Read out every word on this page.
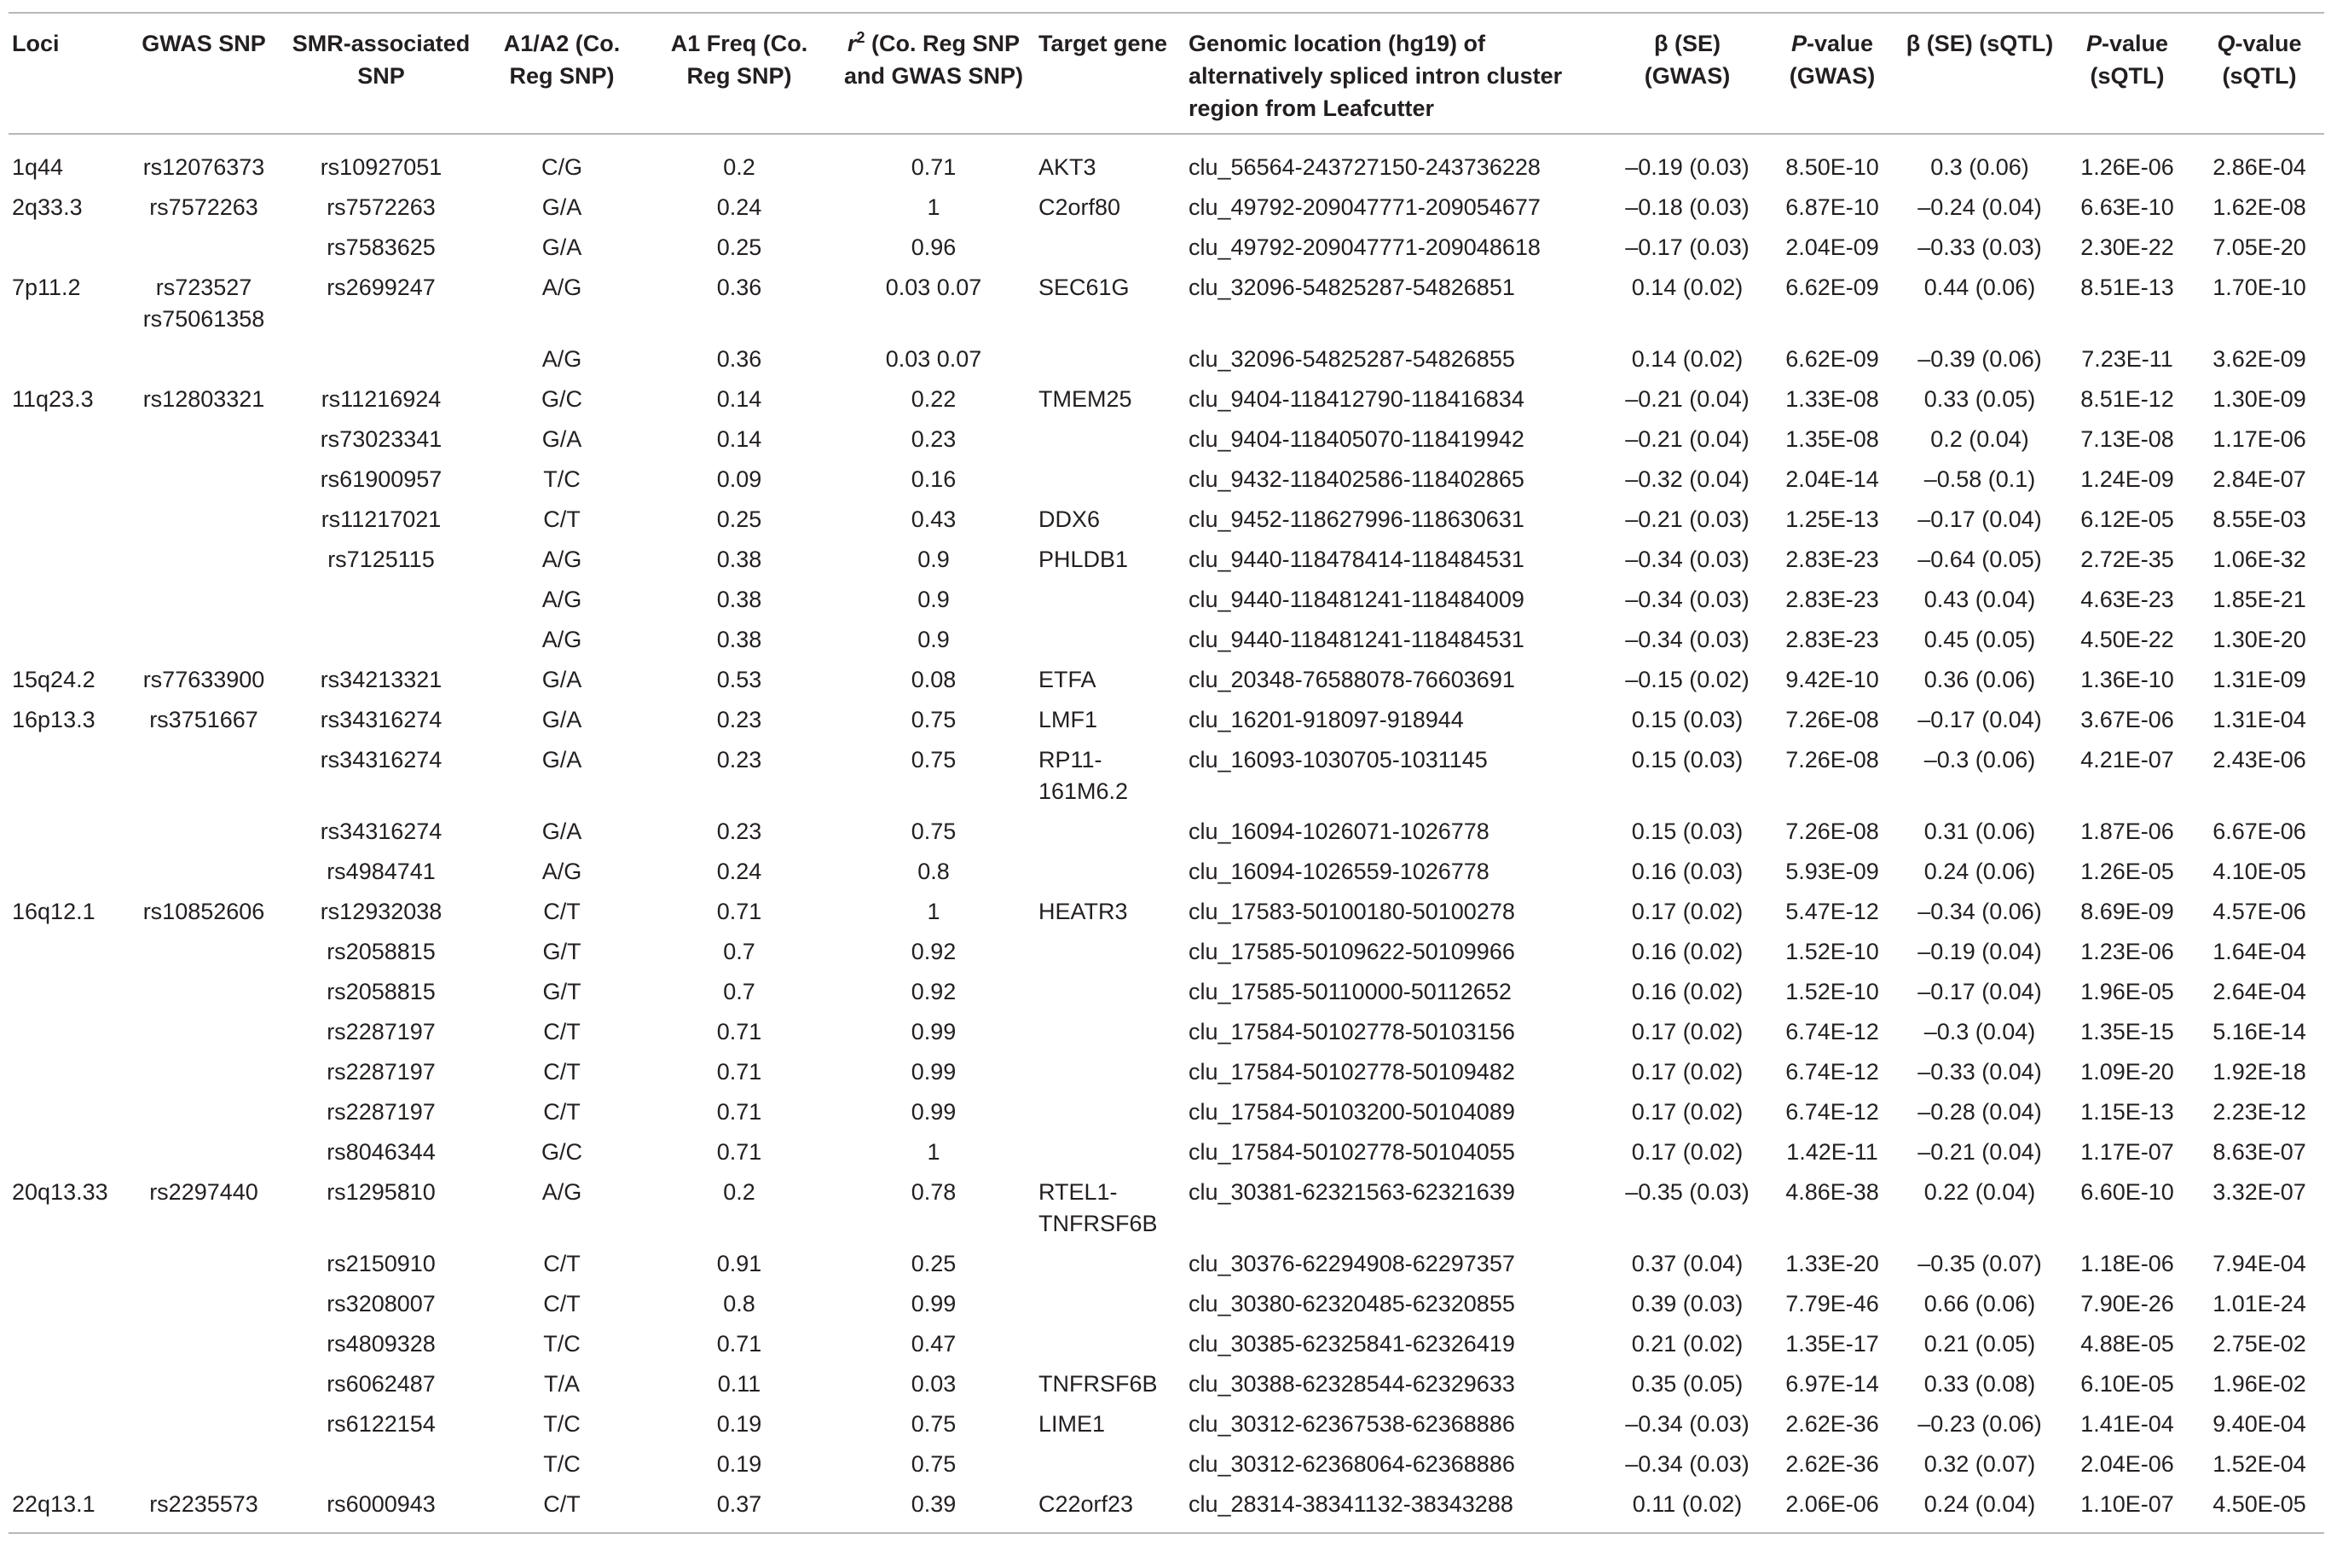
Loci	GWAS SNP	SMR-associated SNP	A1/A2 (Co. Reg SNP)	A1 Freq (Co. Reg SNP)	$r^2$ (Co. Reg SNP and GWAS SNP)	Target gene	Genomic location (hg19) of alternatively spliced intron cluster region from Leafcutter	β (SE) (GWAS)	P-value (GWAS)	β (SE) (sQTL)	P-value (sQTL)	Q-value (sQTL)
1q44	rs12076373	rs10927051	C/G	0.2	0.71	AKT3	clu_56564-243727150-243736228	–0.19 (0.03)	8.50E-10	0.3 (0.06)	1.26E-06	2.86E-04
2q33.3	rs7572263	rs7572263	G/A	0.24	1	C2orf80	clu_49792-209047771-209054677	–0.18 (0.03)	6.87E-10	–0.24 (0.04)	6.63E-10	1.62E-08
		rs7583625	G/A	0.25	0.96		clu_49792-209047771-209048618	–0.17 (0.03)	2.04E-09	–0.33 (0.03)	2.30E-22	7.05E-20
7p11.2	rs723527 rs75061358	rs2699247	A/G	0.36	0.03 0.07	SEC61G	clu_32096-54825287-54826851	0.14 (0.02)	6.62E-09	0.44 (0.06)	8.51E-13	1.70E-10
			A/G	0.36	0.03 0.07		clu_32096-54825287-54826855	0.14 (0.02)	6.62E-09	–0.39 (0.06)	7.23E-11	3.62E-09
11q23.3	rs12803321	rs11216924	G/C	0.14	0.22	TMEM25	clu_9404-118412790-118416834	–0.21 (0.04)	1.33E-08	0.33 (0.05)	8.51E-12	1.30E-09
		rs73023341	G/A	0.14	0.23		clu_9404-118405070-118419942	–0.21 (0.04)	1.35E-08	0.2 (0.04)	7.13E-08	1.17E-06
		rs61900957	T/C	0.09	0.16		clu_9432-118402586-118402865	–0.32 (0.04)	2.04E-14	–0.58 (0.1)	1.24E-09	2.84E-07
		rs11217021	C/T	0.25	0.43	DDX6	clu_9452-118627996-118630631	–0.21 (0.03)	1.25E-13	–0.17 (0.04)	6.12E-05	8.55E-03
		rs7125115	A/G	0.38	0.9	PHLDB1	clu_9440-118478414-118484531	–0.34 (0.03)	2.83E-23	–0.64 (0.05)	2.72E-35	1.06E-32
			A/G	0.38	0.9		clu_9440-118481241-118484009	–0.34 (0.03)	2.83E-23	0.43 (0.04)	4.63E-23	1.85E-21
			A/G	0.38	0.9		clu_9440-118481241-118484531	–0.34 (0.03)	2.83E-23	0.45 (0.05)	4.50E-22	1.30E-20
15q24.2	rs77633900	rs34213321	G/A	0.53	0.08	ETFA	clu_20348-76588078-76603691	–0.15 (0.02)	9.42E-10	0.36 (0.06)	1.36E-10	1.31E-09
16p13.3	rs3751667	rs34316274	G/A	0.23	0.75	LMF1	clu_16201-918097-918944	0.15 (0.03)	7.26E-08	–0.17 (0.04)	3.67E-06	1.31E-04
		rs34316274	G/A	0.23	0.75	RP11-161M6.2	clu_16093-1030705-1031145	0.15 (0.03)	7.26E-08	–0.3 (0.06)	4.21E-07	2.43E-06
		rs34316274	G/A	0.23	0.75		clu_16094-1026071-1026778	0.15 (0.03)	7.26E-08	0.31 (0.06)	1.87E-06	6.67E-06
		rs4984741	A/G	0.24	0.8		clu_16094-1026559-1026778	0.16 (0.03)	5.93E-09	0.24 (0.06)	1.26E-05	4.10E-05
16q12.1	rs10852606	rs12932038	C/T	0.71	1	HEATR3	clu_17583-50100180-50100278	0.17 (0.02)	5.47E-12	–0.34 (0.06)	8.69E-09	4.57E-06
		rs2058815	G/T	0.7	0.92		clu_17585-50109622-50109966	0.16 (0.02)	1.52E-10	–0.19 (0.04)	1.23E-06	1.64E-04
		rs2058815	G/T	0.7	0.92		clu_17585-50110000-50112652	0.16 (0.02)	1.52E-10	–0.17 (0.04)	1.96E-05	2.64E-04
		rs2287197	C/T	0.71	0.99		clu_17584-50102778-50103156	0.17 (0.02)	6.74E-12	–0.3 (0.04)	1.35E-15	5.16E-14
		rs2287197	C/T	0.71	0.99		clu_17584-50102778-50109482	0.17 (0.02)	6.74E-12	–0.33 (0.04)	1.09E-20	1.92E-18
		rs2287197	C/T	0.71	0.99		clu_17584-50103200-50104089	0.17 (0.02)	6.74E-12	–0.28 (0.04)	1.15E-13	2.23E-12
		rs8046344	G/C	0.71	1		clu_17584-50102778-50104055	0.17 (0.02)	1.42E-11	–0.21 (0.04)	1.17E-07	8.63E-07
20q13.33	rs2297440	rs1295810	A/G	0.2	0.78	RTEL1-TNFRSF6B	clu_30381-62321563-62321639	–0.35 (0.03)	4.86E-38	0.22 (0.04)	6.60E-10	3.32E-07
		rs2150910	C/T	0.91	0.25		clu_30376-62294908-62297357	0.37 (0.04)	1.33E-20	–0.35 (0.07)	1.18E-06	7.94E-04
		rs3208007	C/T	0.8	0.99		clu_30380-62320485-62320855	0.39 (0.03)	7.79E-46	0.66 (0.06)	7.90E-26	1.01E-24
		rs4809328	T/C	0.71	0.47		clu_30385-62325841-62326419	0.21 (0.02)	1.35E-17	0.21 (0.05)	4.88E-05	2.75E-02
		rs6062487	T/A	0.11	0.03	TNFRSF6B	clu_30388-62328544-62329633	0.35 (0.05)	6.97E-14	0.33 (0.08)	6.10E-05	1.96E-02
		rs6122154	T/C	0.19	0.75	LIME1	clu_30312-62367538-62368886	–0.34 (0.03)	2.62E-36	–0.23 (0.06)	1.41E-04	9.40E-04
			T/C	0.19	0.75		clu_30312-62368064-62368886	–0.34 (0.03)	2.62E-36	0.32 (0.07)	2.04E-06	1.52E-04
22q13.1	rs2235573	rs6000943	C/T	0.37	0.39	C22orf23	clu_28314-38341132-38343288	0.11 (0.02)	2.06E-06	0.24 (0.04)	1.10E-07	4.50E-05
